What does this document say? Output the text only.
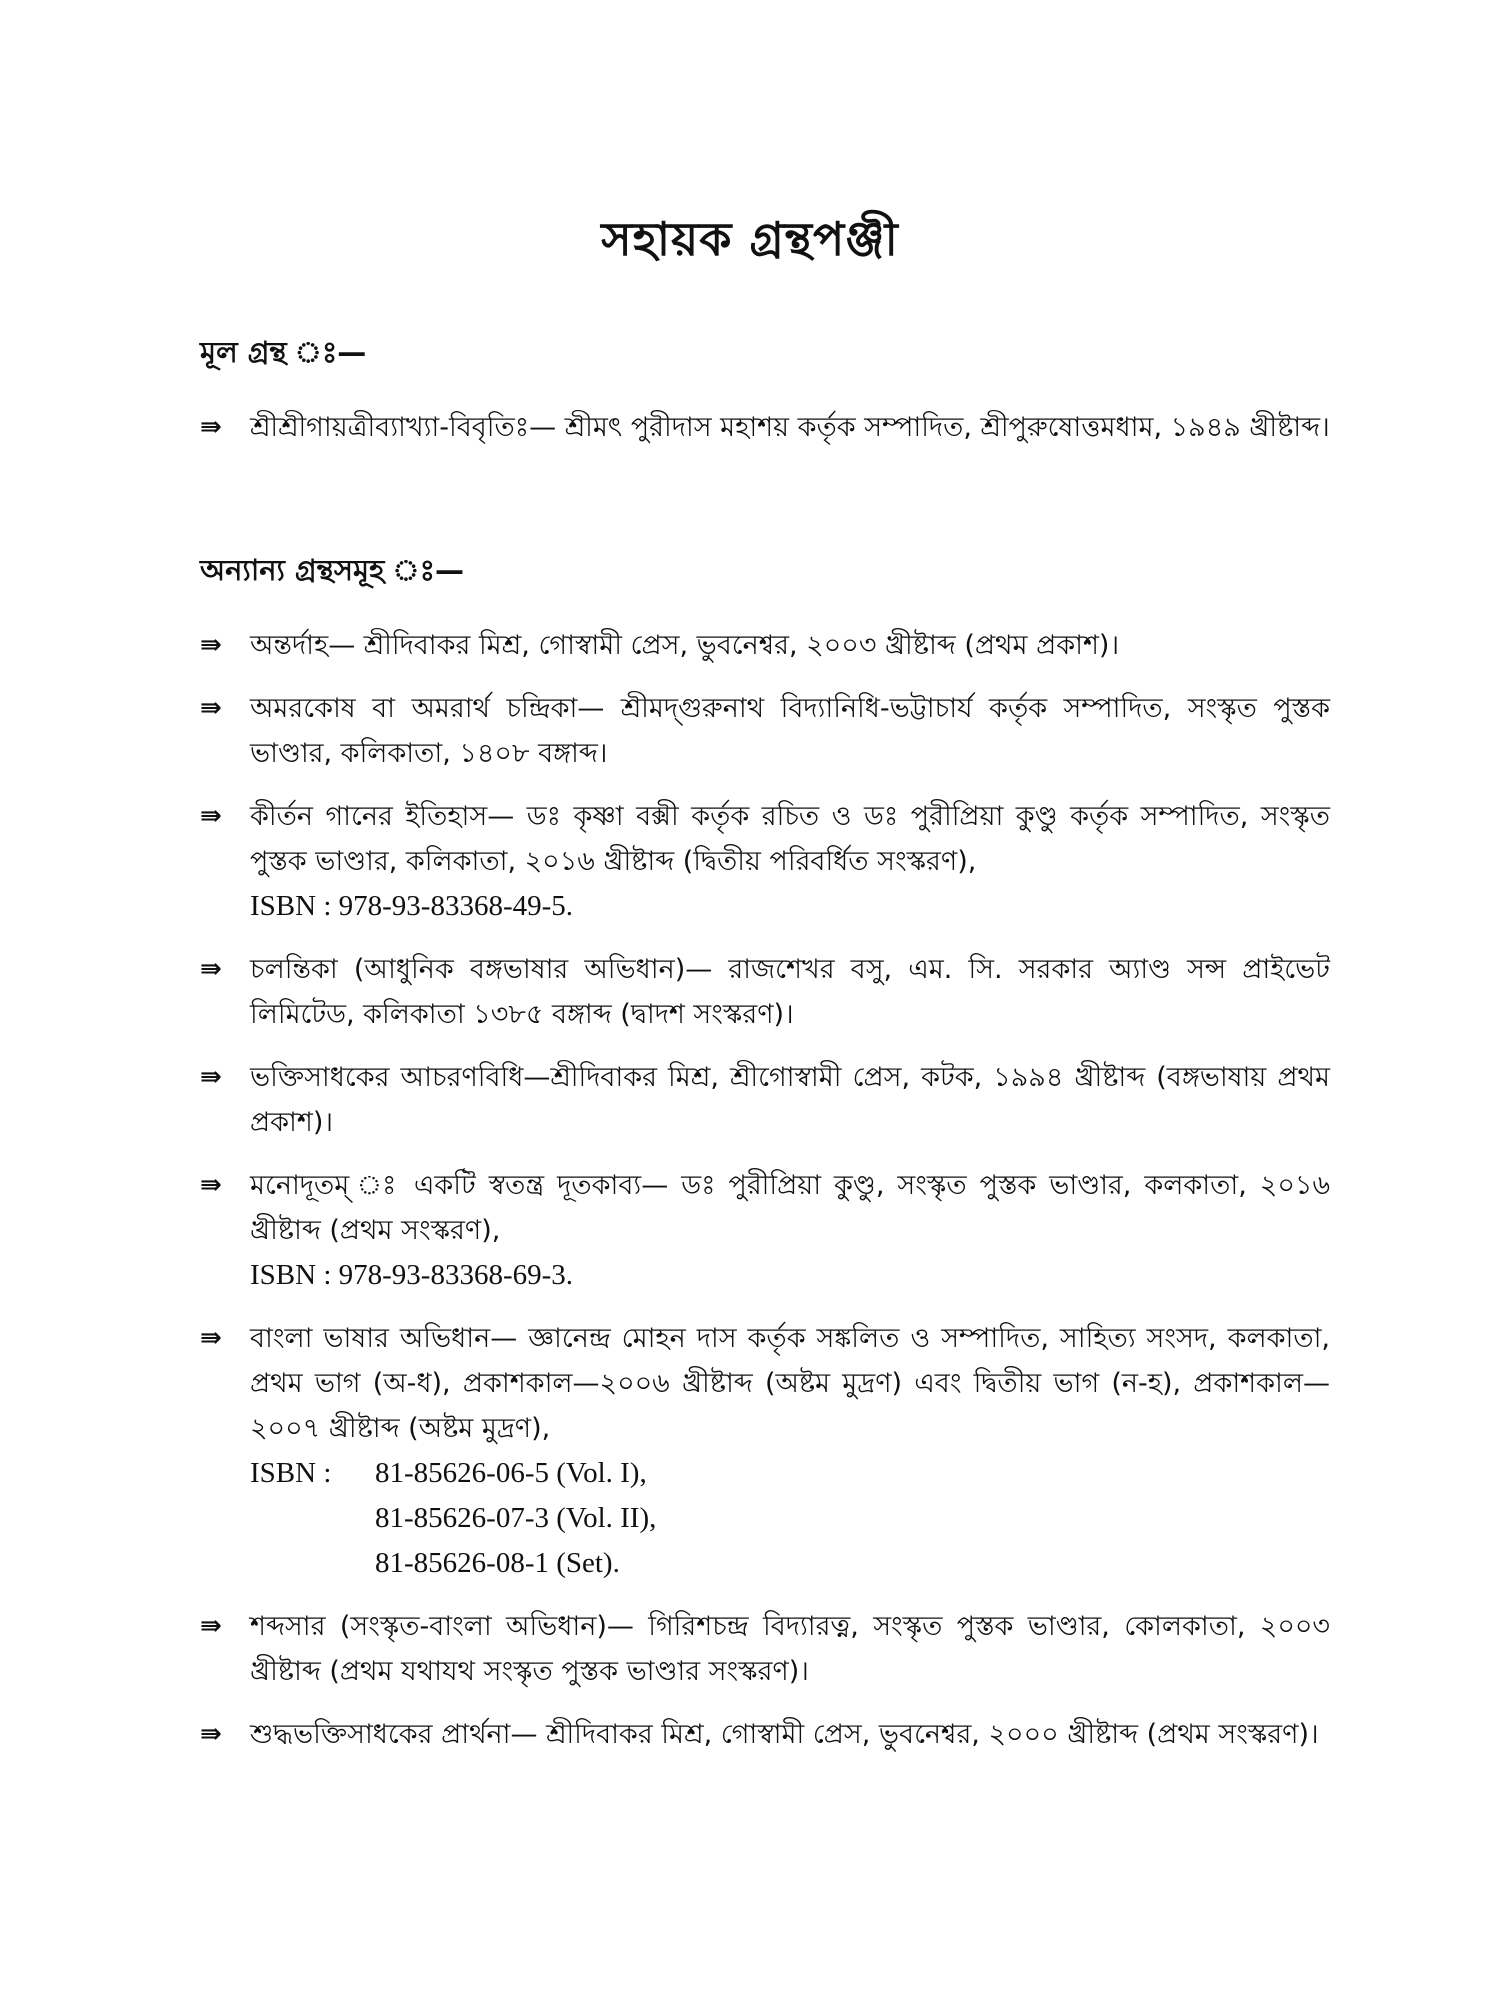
সহায়ক গ্রন্থপঞ্জী
মূল গ্রন্থ ঃ—
⇛ শ্রীশ্রীগায়ত্রীব্যাখ্যা-বিবৃতিঃ— শ্রীমৎ পুরীদাস মহাশয় কর্তৃক সম্পাদিত, শ্রীপুরুষোত্তমধাম, ১৯৪৯ খ্রীষ্টাব্দ।
অন্যান্য গ্রন্থসমূহ ঃ—
⇛ অন্তর্দাহ— শ্রীদিবাকর মিশ্র, গোস্বামী প্রেস, ভুবনেশ্বর, ২০০৩ খ্রীষ্টাব্দ (প্রথম প্রকাশ)।
⇛ অমরকোষ বা অমরার্থ চন্দ্রিকা— শ্রীমদ্গুরুনাথ বিদ্যানিধি-ভট্টাচার্য কর্তৃক সম্পাদিত, সংস্কৃত পুস্তক ভাণ্ডার, কলিকাতা, ১৪০৮ বঙ্গাব্দ।
⇛ কীর্তন গানের ইতিহাস— ডঃ কৃষ্ণা বক্সী কর্তৃক রচিত ও ডঃ পুরীপ্রিয়া কুণ্ডু কর্তৃক সম্পাদিত, সংস্কৃত পুস্তক ভাণ্ডার, কলিকাতা, ২০১৬ খ্রীষ্টাব্দ (দ্বিতীয় পরিবর্ধিত সংস্করণ),
ISBN : 978-93-83368-49-5.
⇛ চলন্তিকা (আধুনিক বঙ্গভাষার অভিধান)— রাজশেখর বসু, এম. সি. সরকার অ্যাণ্ড সন্স প্রাইভেট লিমিটেড, কলিকাতা ১৩৮৫ বঙ্গাব্দ (দ্বাদশ সংস্করণ)।
⇛ ভক্তিসাধকের আচরণবিধি—শ্রীদিবাকর মিশ্র, শ্রীগোস্বামী প্রেস, কটক, ১৯৯৪ খ্রীষ্টাব্দ (বঙ্গভাষায় প্রথম প্রকাশ)।
⇛ মনোদূতম্ ঃ একটি স্বতন্ত্র দূতকাব্য— ডঃ পুরীপ্রিয়া কুণ্ডু, সংস্কৃত পুস্তক ভাণ্ডার, কলকাতা, ২০১৬ খ্রীষ্টাব্দ (প্রথম সংস্করণ),
ISBN : 978-93-83368-69-3.
⇛ বাংলা ভাষার অভিধান— জ্ঞানেন্দ্র মোহন দাস কর্তৃক সঙ্কলিত ও সম্পাদিত, সাহিত্য সংসদ, কলকাতা, প্রথম ভাগ (অ-ধ), প্রকাশকাল—২০০৬ খ্রীষ্টাব্দ (অষ্টম মুদ্রণ) এবং দ্বিতীয় ভাগ (ন-হ), প্রকাশকাল—২০০৭ খ্রীষ্টাব্দ (অষ্টম মুদ্রণ),
ISBN :	81-85626-06-5 (Vol. I),
81-85626-07-3 (Vol. II),
81-85626-08-1 (Set).
⇛ শব্দসার (সংস্কৃত-বাংলা অভিধান)— গিরিশচন্দ্র বিদ্যারত্ন, সংস্কৃত পুস্তক ভাণ্ডার, কোলকাতা, ২০০৩ খ্রীষ্টাব্দ (প্রথম যথাযথ সংস্কৃত পুস্তক ভাণ্ডার সংস্করণ)।
⇛ শুদ্ধভক্তিসাধকের প্রার্থনা— শ্রীদিবাকর মিশ্র, গোস্বামী প্রেস, ভুবনেশ্বর, ২০০০ খ্রীষ্টাব্দ (প্রথম সংস্করণ)।
